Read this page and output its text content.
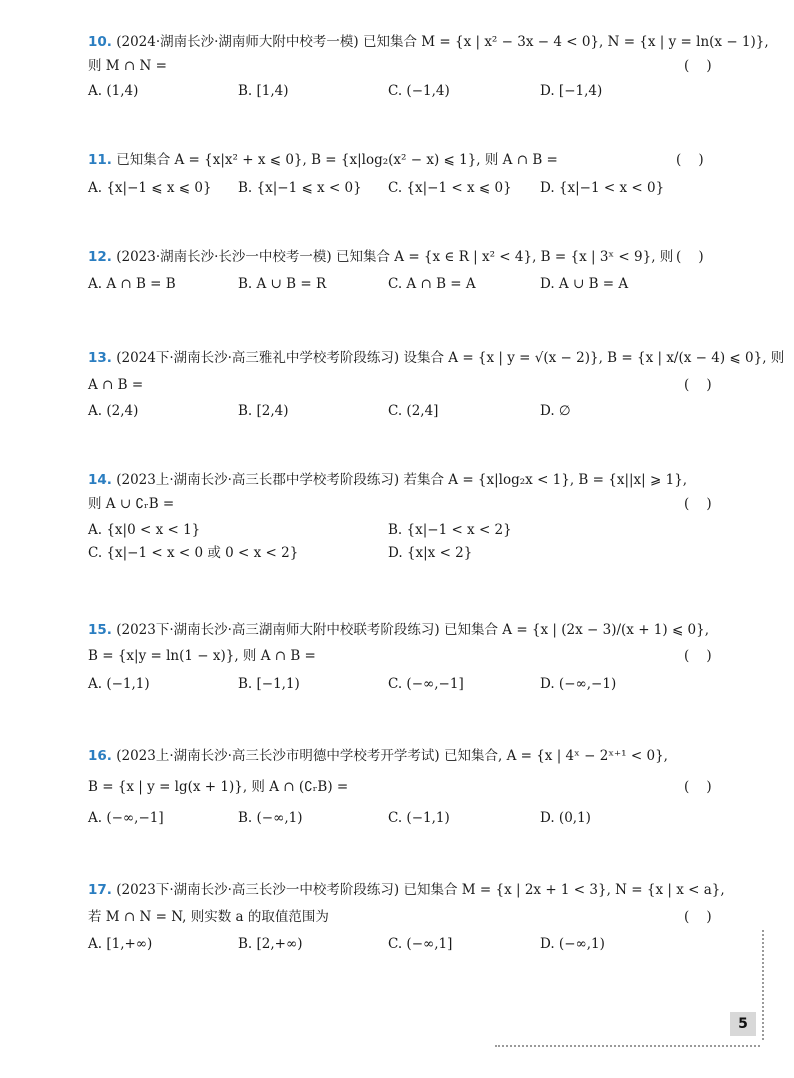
10. (2024·湖南长沙·湖南师大附中校考一模) 已知集合 M = {x | x² − 3x − 4 < 0}, N = {x | y = ln(x − 1)},
则 M ∩ N =	(    )
A. (1,4)	B. [1,4)	C. (−1,4)	D. [−1,4)
11. 已知集合 A = {x|x² + x ⩽ 0}, B = {x|log₂(x² − x) ⩽ 1}, 则 A ∩ B =	(    )
A. {x|−1 ⩽ x ⩽ 0} B. {x|−1 ⩽ x < 0} C. {x|−1 < x ⩽ 0} D. {x|−1 < x < 0}
12. (2023·湖南长沙·长沙一中校考一模) 已知集合 A = {x ∈ R | x² < 4}, B = {x | 3ˣ < 9}, 则 (    )
A. A ∩ B = B	B. A ∪ B = R	C. A ∩ B = A	D. A ∪ B = A
13. (2024下·湖南长沙·高三雅礼中学校考阶段练习) 设集合 A = {x | y = √(x − 2)}, B = {x | x/(x − 4) ⩽ 0}, 则
A ∩ B =	(    )
A. (2,4)	B. [2,4)	C. (2,4]	D. ∅
14. (2023上·湖南长沙·高三长郡中学校考阶段练习) 若集合 A = {x|log₂x < 1}, B = {x||x| ⩾ 1},
则 A ∪ ∁ᵣB =	(    )
A. {x|0 < x < 1}	B. {x|−1 < x < 2}
C. {x|−1 < x < 0 或 0 < x < 2}	D. {x|x < 2}
15. (2023下·湖南长沙·高三湖南师大附中校联考阶段练习) 已知集合 A = {x | (2x − 3)/(x + 1) ⩽ 0},
B = {x|y = ln(1 − x)}, 则 A ∩ B =	(    )
A. (−1,1)	B. [−1,1)	C. (−∞,−1]	D. (−∞,−1)
16. (2023上·湖南长沙·高三长沙市明德中学校考开学考试) 已知集合, A = {x | 4ˣ − 2ˣ⁺¹ < 0},
B = {x | y = lg(x + 1)}, 则 A ∩ (∁ᵣB) =	(    )
A. (−∞,−1]	B. (−∞,1)	C. (−1,1)	D. (0,1)
17. (2023下·湖南长沙·高三长沙一中校考阶段练习) 已知集合 M = {x | 2x + 1 < 3}, N = {x | x < a},
若 M ∩ N = N, 则实数 a 的取值范围为	(    )
A. [1,+∞)	B. [2,+∞)	C. (−∞,1]	D. (−∞,1)
5
